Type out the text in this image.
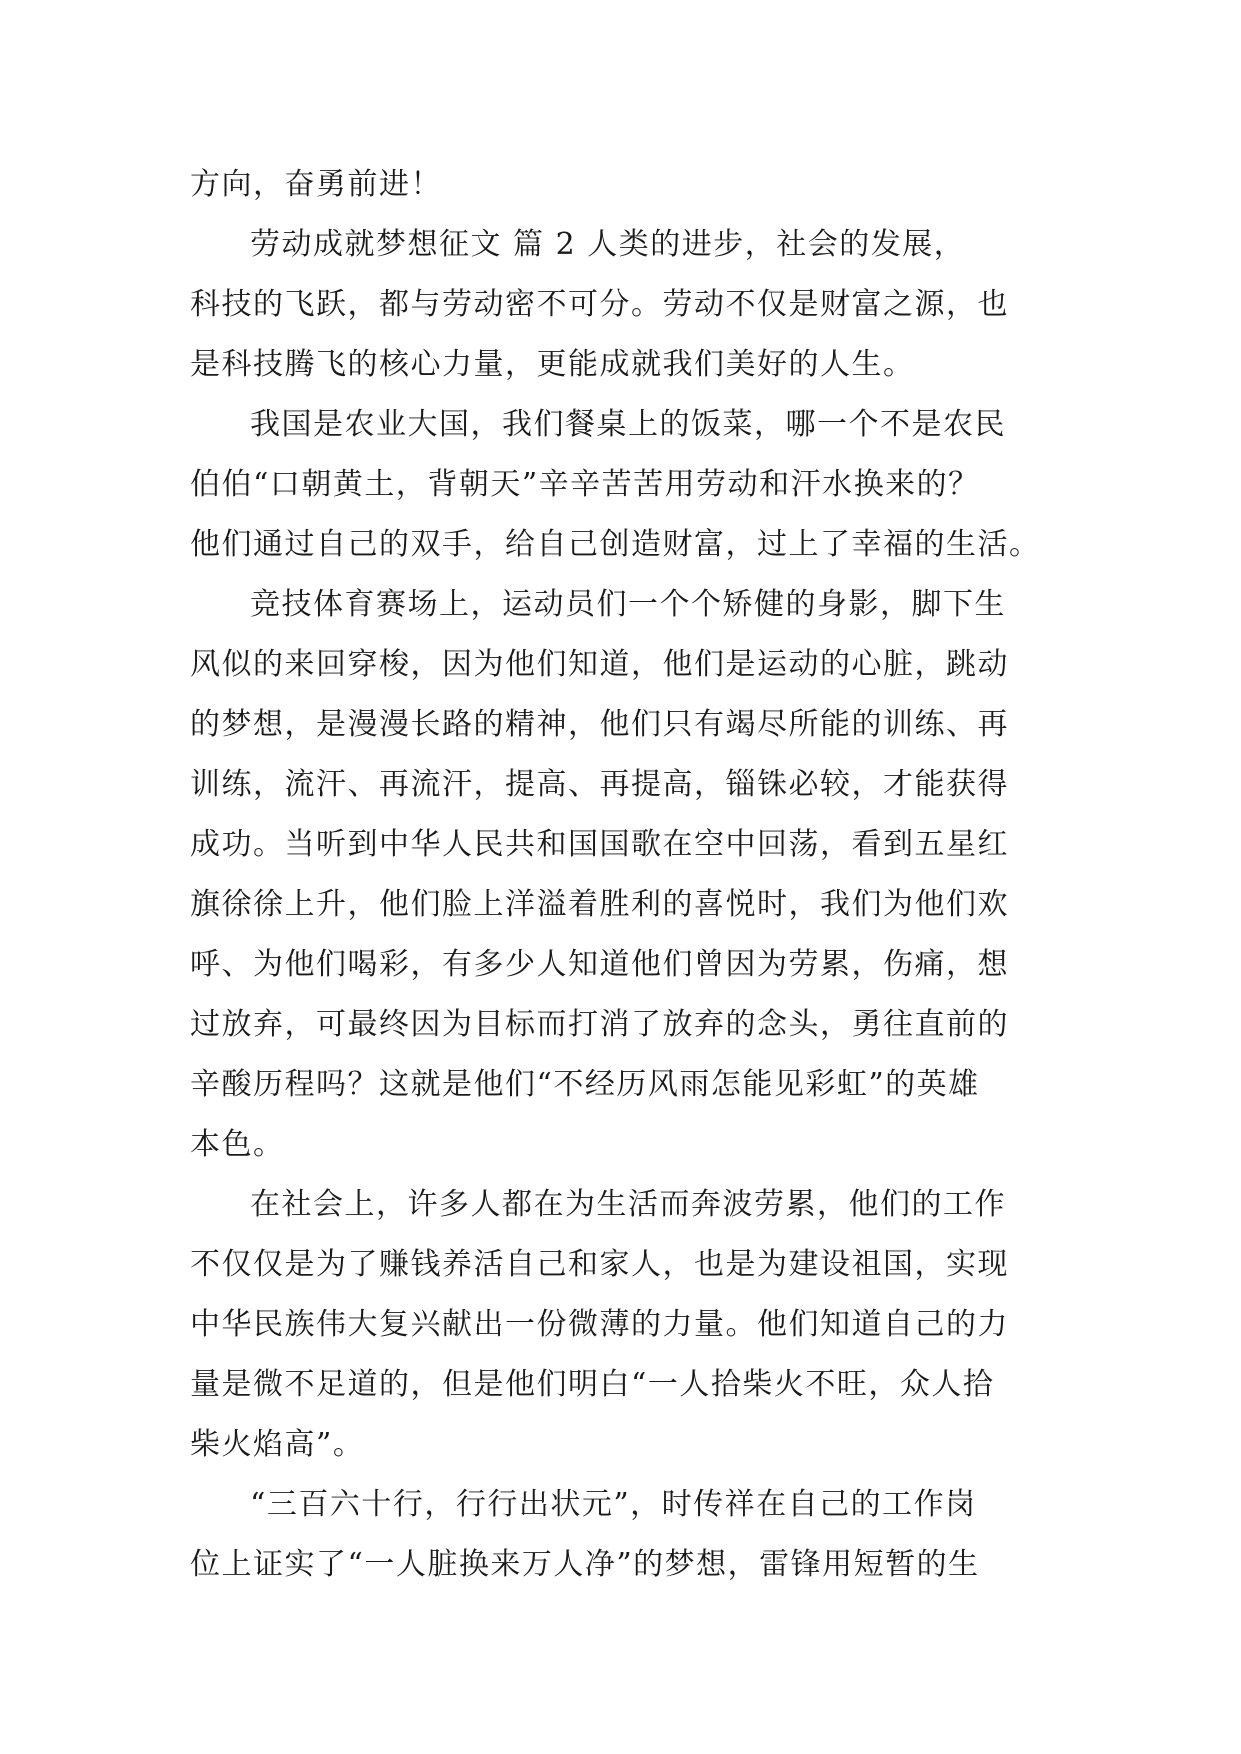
方向，奋勇前进！
劳动成就梦想征文 篇 2 人类的进步，社会的发展，
科技的飞跃，都与劳动密不可分。劳动不仅是财富之源，也
是科技腾飞的核心力量，更能成就我们美好的人生。
我国是农业大国，我们餐桌上的饭菜，哪一个不是农民
伯伯“口朝黄土，背朝天”辛辛苦苦用劳动和汗水换来的？
他们通过自己的双手，给自己创造财富，过上了幸福的生活。
竞技体育赛场上，运动员们一个个矫健的身影，脚下生
风似的来回穿梭，因为他们知道，他们是运动的心脏，跳动
的梦想，是漫漫长路的精神，他们只有竭尽所能的训练、再
训练，流汗、再流汗，提高、再提高，锱铢必较，才能获得
成功。当听到中华人民共和国国歌在空中回荡，看到五星红
旗徐徐上升，他们脸上洋溢着胜利的喜悦时，我们为他们欢
呼、为他们喝彩，有多少人知道他们曾因为劳累，伤痛，想
过放弃，可最终因为目标而打消了放弃的念头，勇往直前的
辛酸历程吗？这就是他们“不经历风雨怎能见彩虹”的英雄
本色。
在社会上，许多人都在为生活而奔波劳累，他们的工作
不仅仅是为了赚钱养活自己和家人，也是为建设祖国，实现
中华民族伟大复兴献出一份微薄的力量。他们知道自己的力
量是微不足道的，但是他们明白“一人拾柴火不旺，众人拾
柴火焰高”。
“三百六十行，行行出状元”，时传祥在自己的工作岗
位上证实了“一人脏换来万人净”的梦想，雷锋用短暂的生
